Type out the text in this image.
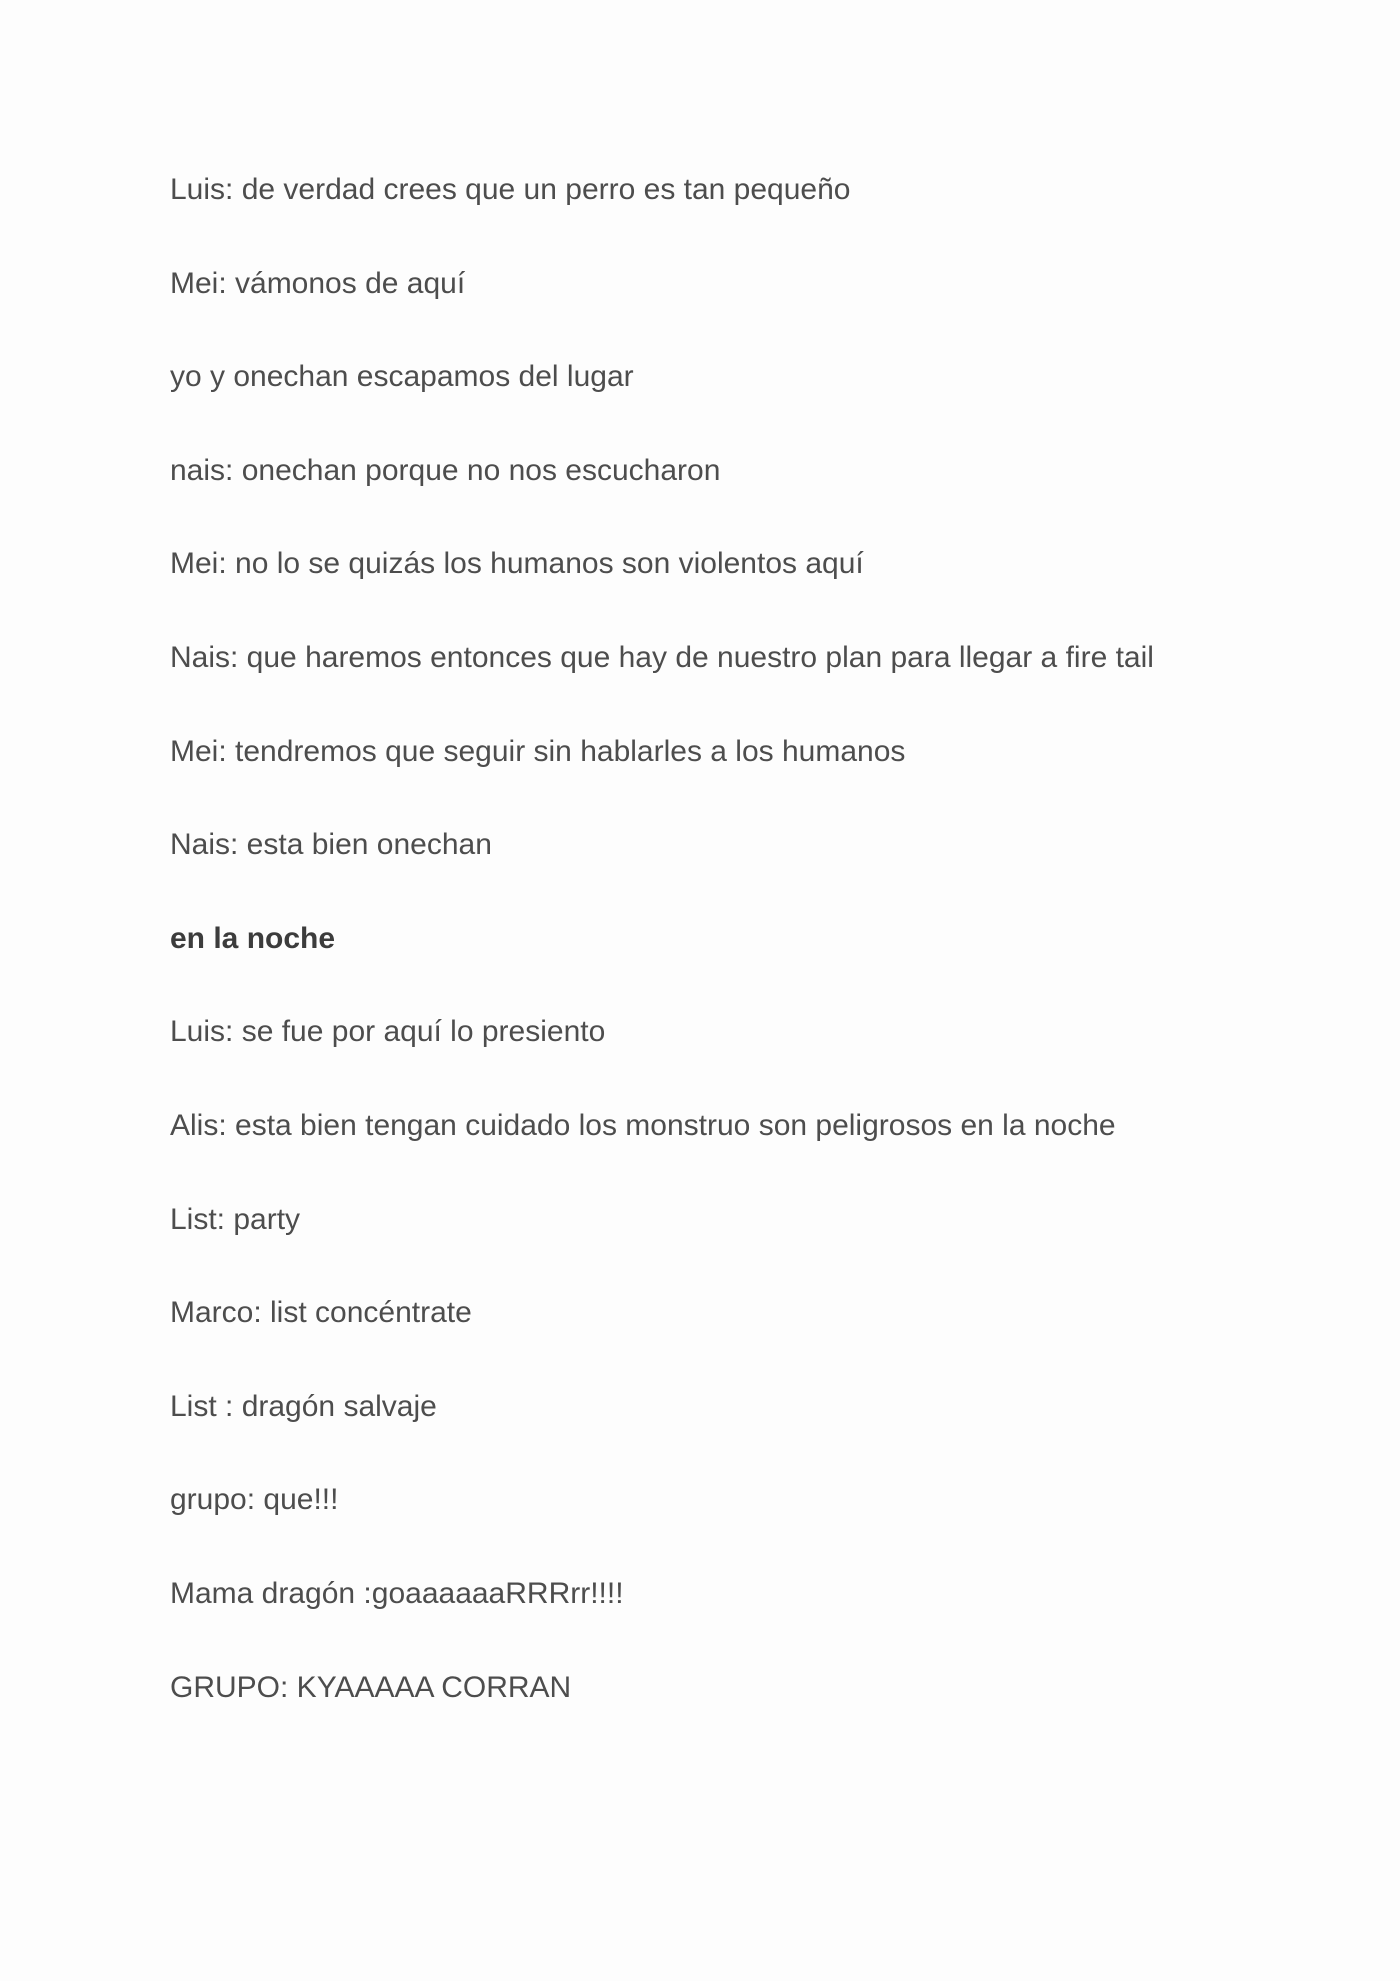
Luis: de verdad crees que un perro es tan pequeño
Mei: vámonos de aquí
yo y onechan escapamos del lugar
nais: onechan porque no nos escucharon
Mei: no lo se quizás los humanos son violentos aquí
Nais: que haremos entonces que hay de nuestro plan para llegar a fire tail
Mei: tendremos que seguir sin hablarles a los humanos
Nais: esta bien onechan
en la noche
Luis: se fue por aquí lo presiento
Alis: esta bien tengan cuidado los monstruo son peligrosos en la noche
List: party
Marco: list concéntrate
List : dragón salvaje
grupo: que!!!
Mama dragón :goaaaaaaRRRrr!!!!
GRUPO: KYAAAAA CORRAN
